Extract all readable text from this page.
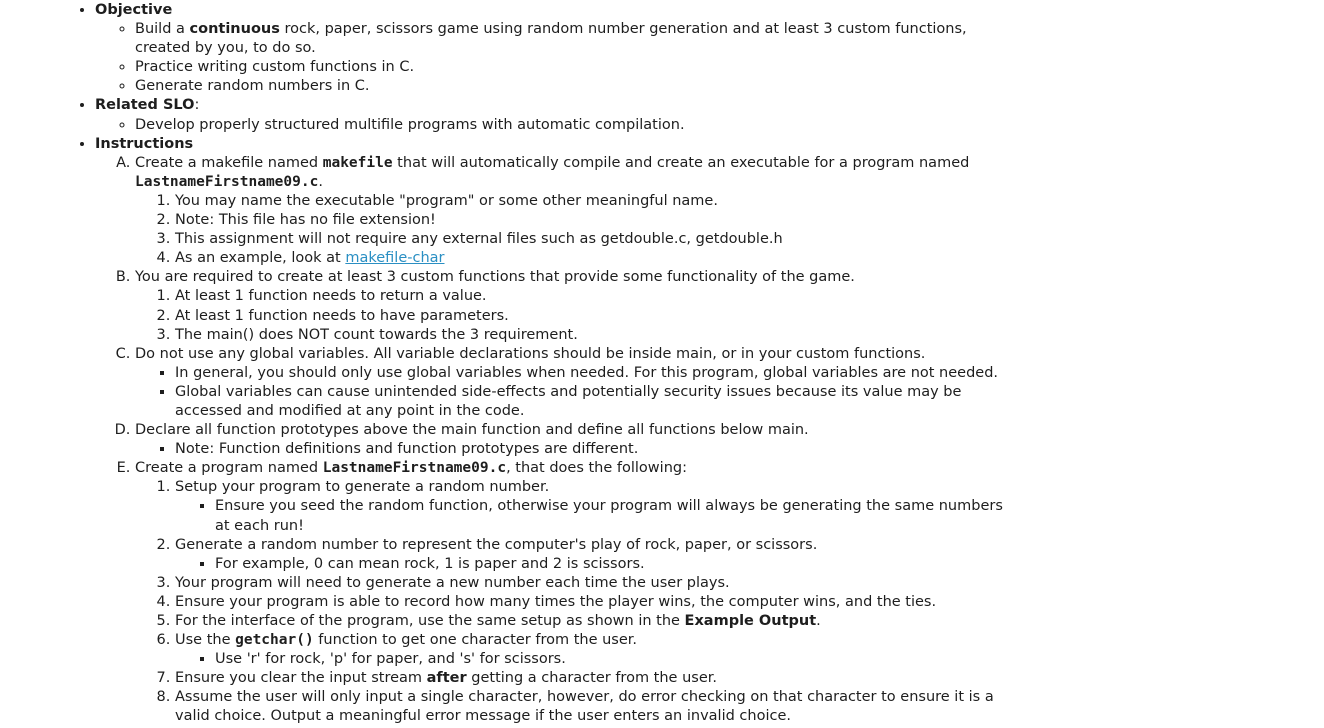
• Objective
◦ Build a continuous rock, paper, scissors game using random number generation and at least 3 custom functions, created by you, to do so.
◦ Practice writing custom functions in C.
◦ Generate random numbers in C.
• Related SLO:
◦ Develop properly structured multifile programs with automatic compilation.
• Instructions
A. Create a makefile named makefile that will automatically compile and create an executable for a program named LastnameFirstname09.c.
1. You may name the executable "program" or some other meaningful name.
2. Note: This file has no file extension!
3. This assignment will not require any external files such as getdouble.c, getdouble.h
4. As an example, look at makefile-char
B. You are required to create at least 3 custom functions that provide some functionality of the game.
1. At least 1 function needs to return a value.
2. At least 1 function needs to have parameters.
3. The main() does NOT count towards the 3 requirement.
C. Do not use any global variables. All variable declarations should be inside main, or in your custom functions.
▪ In general, you should only use global variables when needed. For this program, global variables are not needed.
▪ Global variables can cause unintended side-effects and potentially security issues because its value may be accessed and modified at any point in the code.
D. Declare all function prototypes above the main function and define all functions below main.
▪ Note: Function definitions and function prototypes are different.
E. Create a program named LastnameFirstname09.c, that does the following:
1. Setup your program to generate a random number.
▪ Ensure you seed the random function, otherwise your program will always be generating the same numbers at each run!
2. Generate a random number to represent the computer's play of rock, paper, or scissors.
▪ For example, 0 can mean rock, 1 is paper and 2 is scissors.
3. Your program will need to generate a new number each time the user plays.
4. Ensure your program is able to record how many times the player wins, the computer wins, and the ties.
5. For the interface of the program, use the same setup as shown in the Example Output.
6. Use the getchar() function to get one character from the user.
▪ Use 'r' for rock, 'p' for paper, and 's' for scissors.
7. Ensure you clear the input stream after getting a character from the user.
8. Assume the user will only input a single character, however, do error checking on that character to ensure it is a valid choice. Output a meaningful error message if the user enters an invalid choice.
